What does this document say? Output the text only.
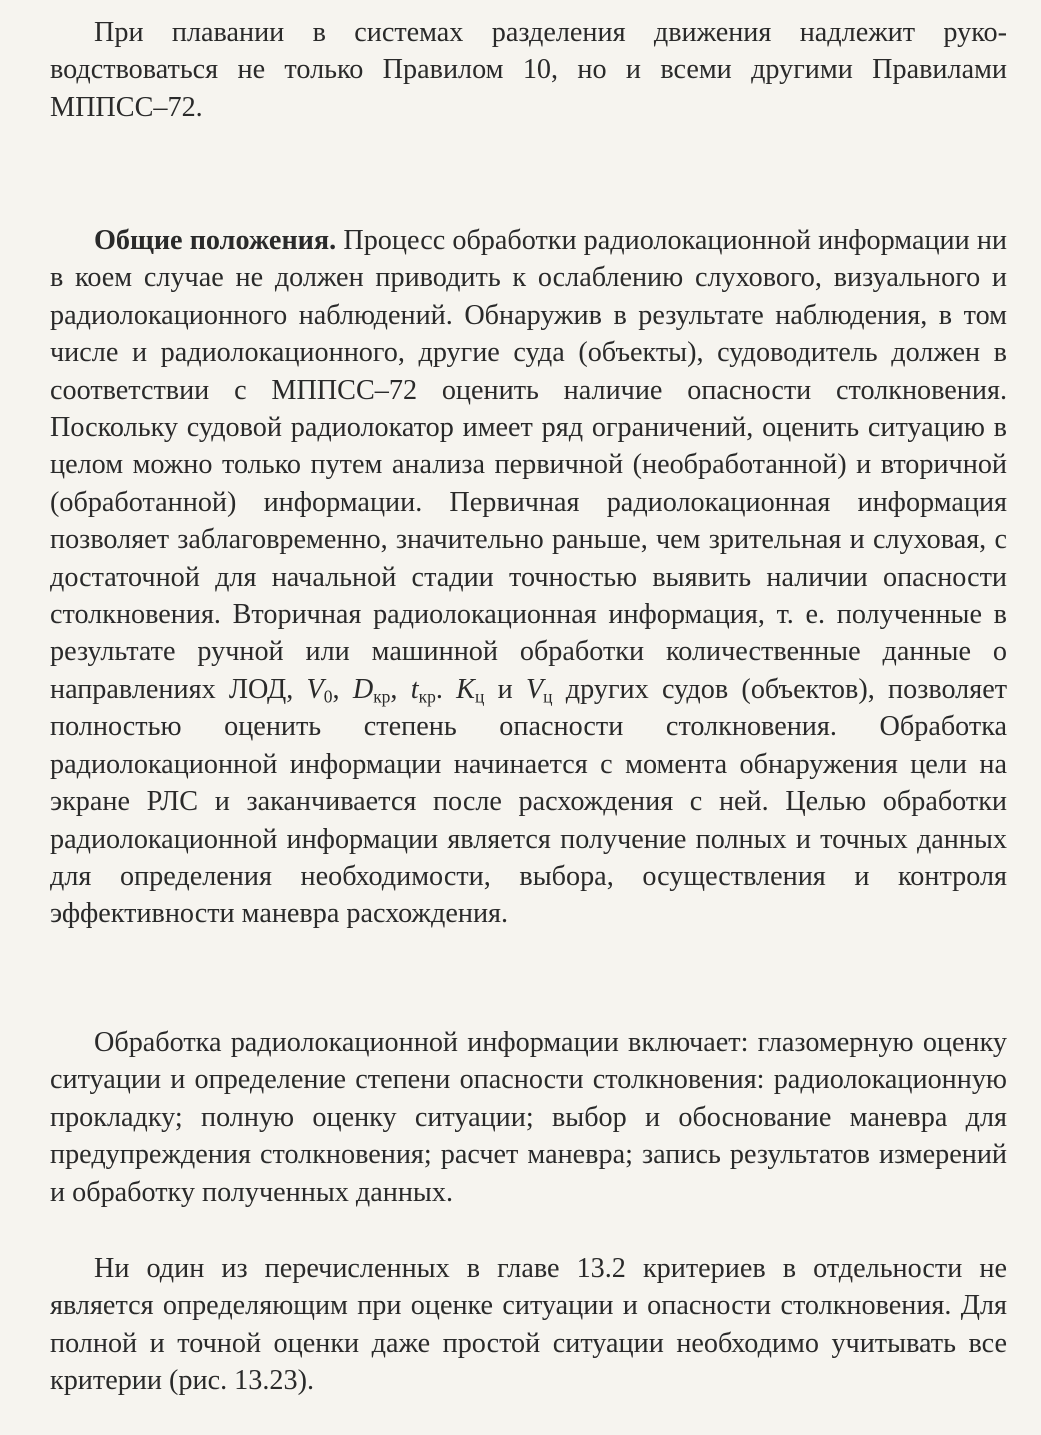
При плавании в системах разделения движения надлежит руководствоваться не только Правилом 10, но и всеми другими Правилами МППСС–72.

Общие положения. Процесс обработки радиолокационной информации ни в коем случае не должен приводить к ослаблению слухового, визуального и радиолокационного наблюдений. Обнаружив в результате наблюдения, в том числе и радиолокационного, другие суда (объекты), судоводитель должен в соответствии с МППСС–72 оценить наличие опасности столкновения. Поскольку судовой радиолокатор имеет ряд ограничений, оценить ситуацию в целом можно только путем анализа первичной (необработанной) и вторичной (обработанной) информации. Первичная радиолокационная информация позволяет заблаговременно, значительно раньше, чем зрительная и слуховая, с достаточной для начальной стадии точностью выявить наличии опасности столкновения. Вторичная радиолокационная информация, т. е. полученные в результате ручной или машинной обработки количественные данные о направлениях ЛОД, $V_0$, $D_{кр}$, $t_{кр}$. $K_ц$ и $V_ц$ других судов (объектов), позволяет полностью оценить степень опасности столкновения. Обработка радиолокационной информации начинается с момента обнаружения цели на экране РЛС и заканчивается после расхождения с ней. Целью обработки радиолокационной информации является получение полных и точных данных для определения необходимости, выбора, осуществления и контроля эффективности маневра расхождения.

Обработка радиолокационной информации включает: глазомерную оценку ситуации и определение степени опасности столкновения: радиолокационную прокладку; полную оценку ситуации; выбор и обоснование маневра для предупреждения столкновения; расчет маневра; запись результатов измерений и обработку полученных данных.

Ни один из перечисленных в главе 13.2 критериев в отдельности не является определяющим при оценке ситуации и опасности столкновения. Для полной и точной оценки даже простой ситуации необходимо учитывать все критерии (рис. 13.23).
